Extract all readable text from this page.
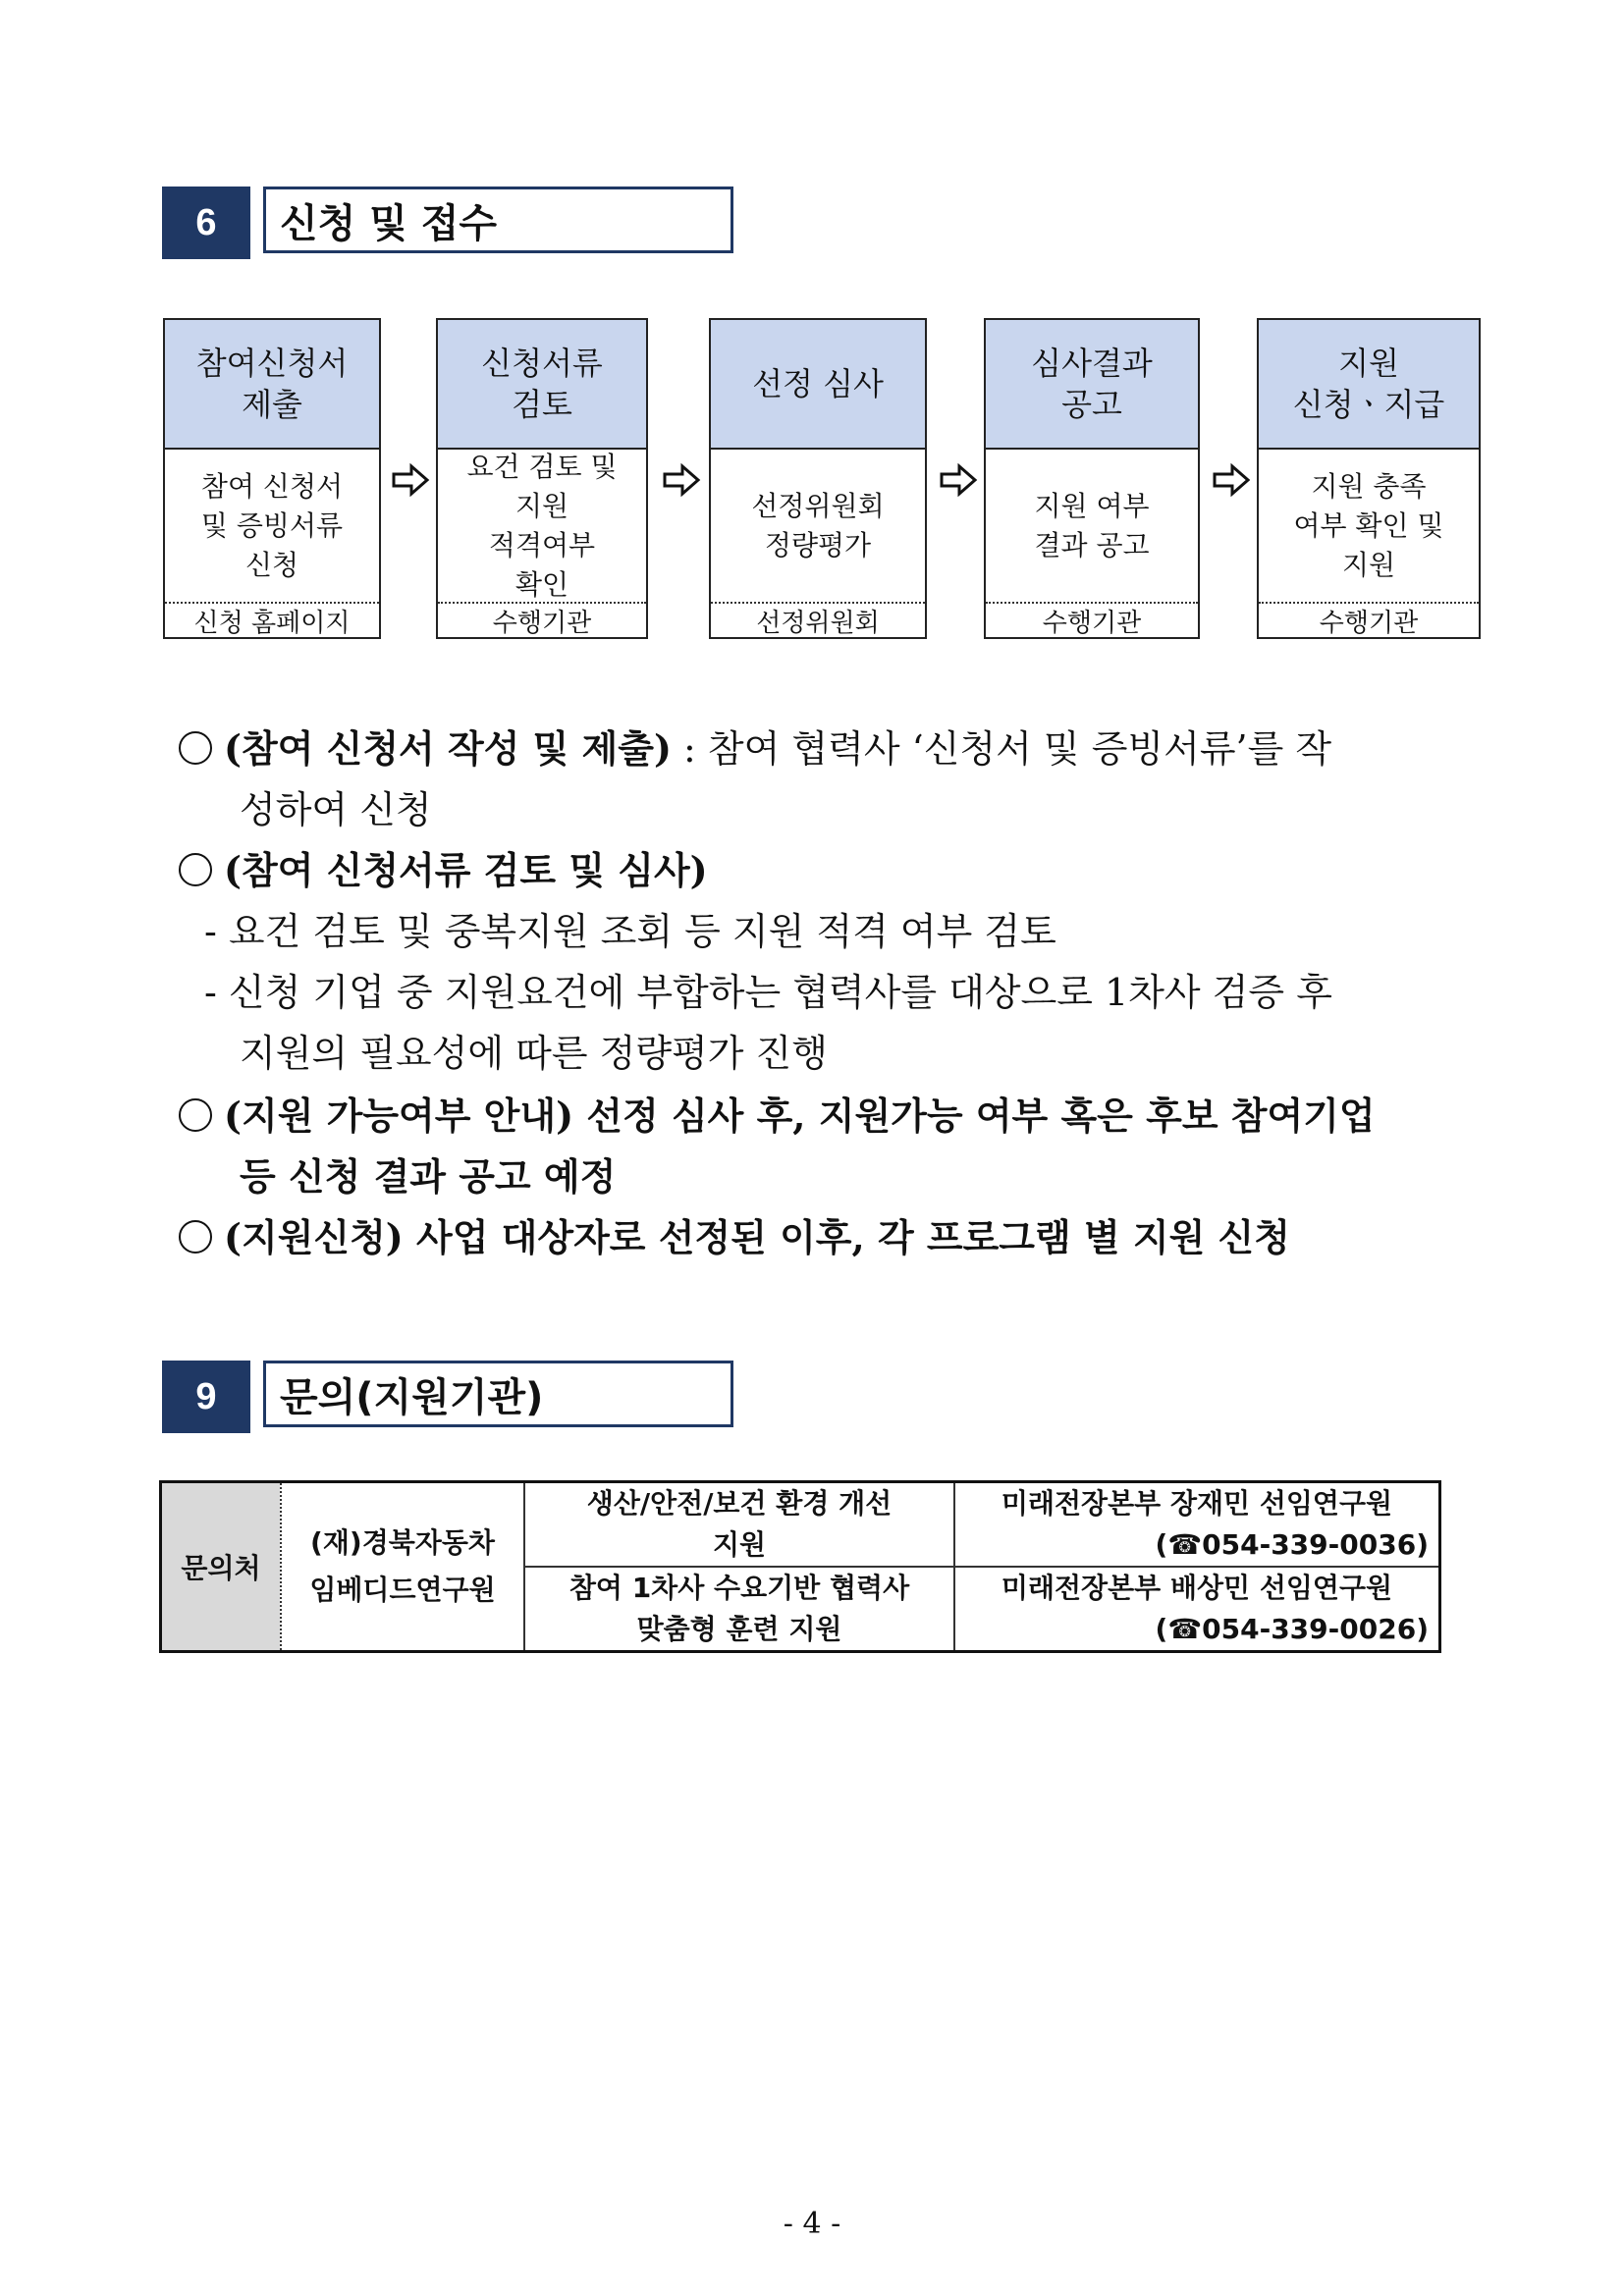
6	신청 및 접수
참여신청서
제출
참여 신청서
및 증빙서류
신청
신청 홈페이지
신청서류
검토
요건 검토 및
지원
적격여부
확인
수행기관
선정 심사
선정위원회
정량평가
선정위원회
심사결과
공고
지원 여부
결과 공고
수행기관
지원
신청ㆍ지급
지원 충족
여부 확인 및
지원
수행기관
(참여 신청서 작성 및 제출) : 참여 협력사 ‘신청서 및 증빙서류’를 작
성하여 신청
(참여 신청서류 검토 및 심사)
- 요건 검토 및 중복지원 조회 등 지원 적격 여부 검토
- 신청 기업 중 지원요건에 부합하는 협력사를 대상으로 1차사 검증 후
지원의 필요성에 따른 정량평가 진행
(지원 가능여부 안내) 선정 심사 후, 지원가능 여부 혹은 후보 참여기업
등 신청 결과 공고 예정
(지원신청) 사업 대상자로 선정된 이후, 각 프로그램 별 지원 신청
9	문의(지원기관)
문의처
(재)경북자동차
임베디드연구원
생산/안전/보건 환경 개선
지원
미래전장본부 장재민 선임연구원
(☎054-339-0036)
참여 1차사 수요기반 협력사
맞춤형 훈련 지원
미래전장본부 배상민 선임연구원
(☎054-339-0026)
- 4 -
